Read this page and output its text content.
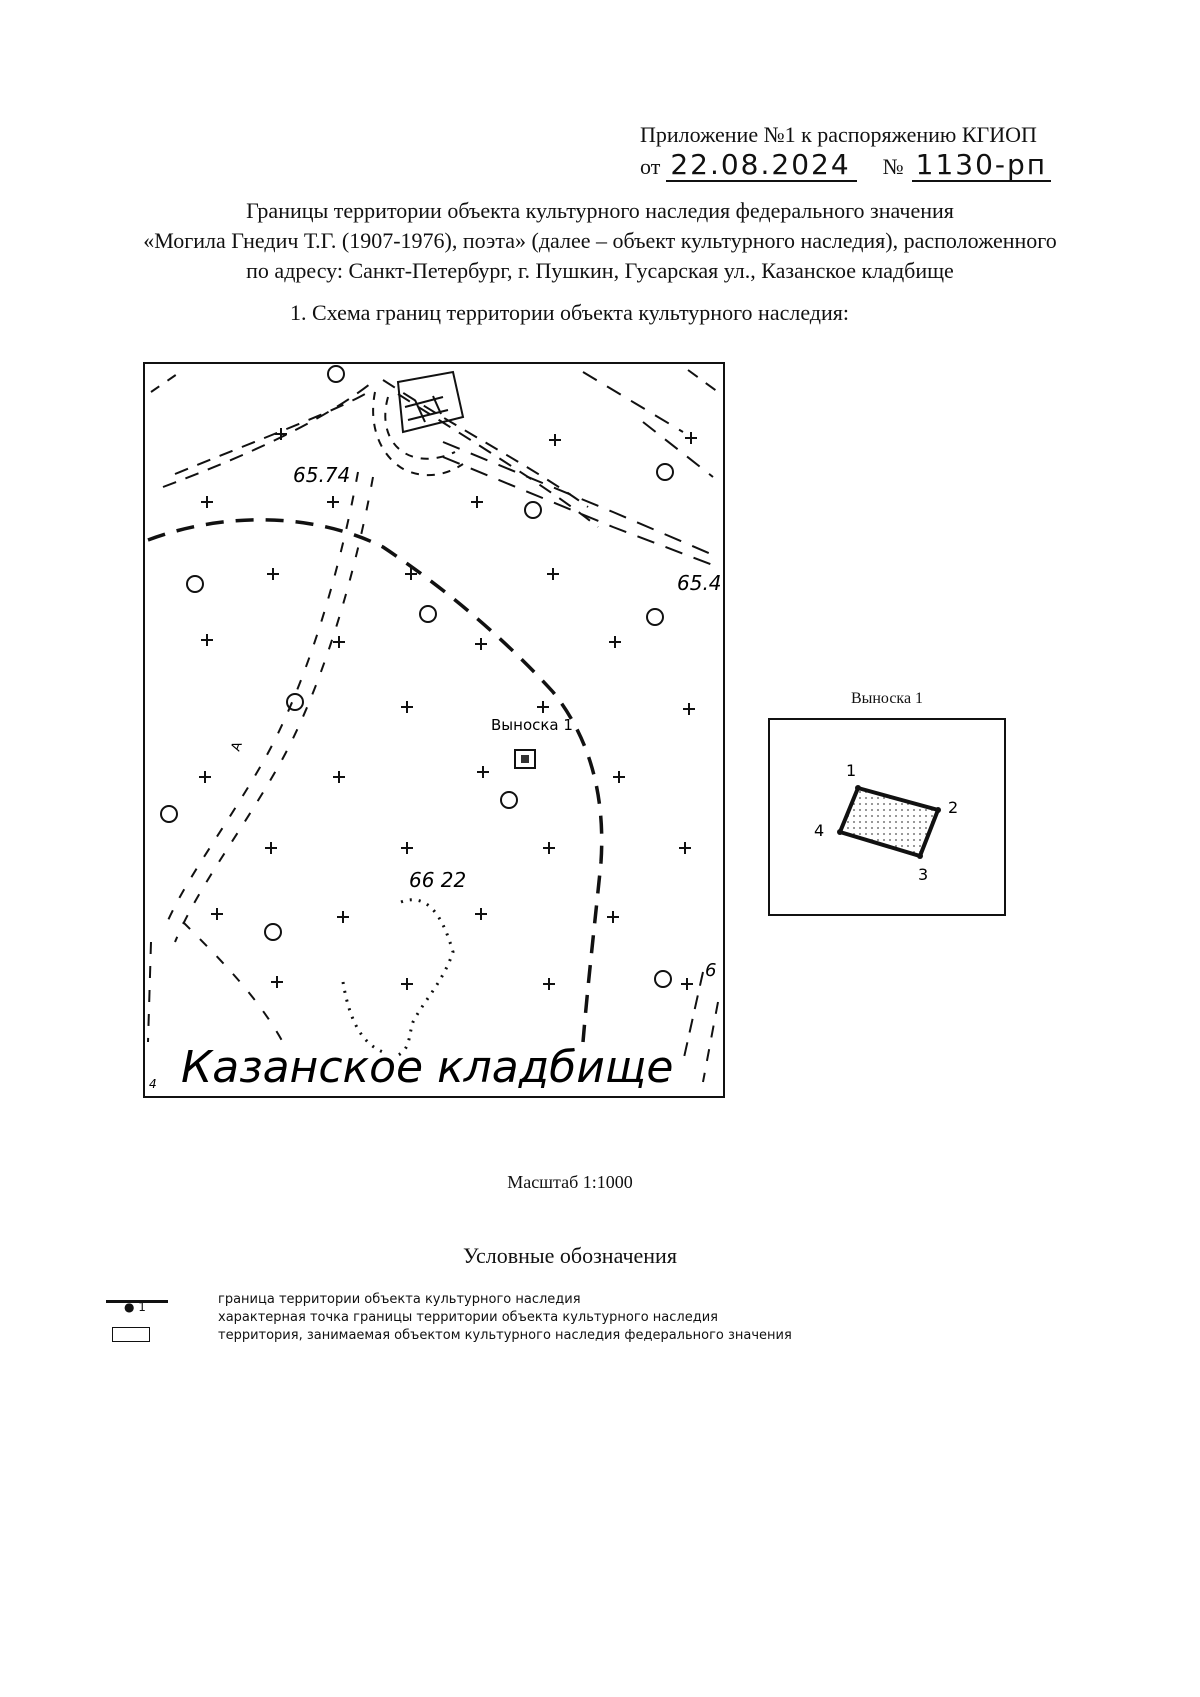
Приложение №1 к распоряжению КГИОП
от 22.08.2024 № 1130-рп
Границы территории объекта культурного наследия федерального значения
«Могила Гнедич Т.Г. (1907-1976), поэта» (далее – объект культурного наследия), расположенного
по адресу: Санкт-Петербург, г. Пушкин, Гусарская ул., Казанское кладбище
1. Схема границ территории объекта культурного наследия:
65.74
65.4
66 22
6
4
A
Выноска 1
Казанское кладбище
Выноска 1
1
2
3
4
Масштаб 1:1000
Условные обозначения
● 1	граница территории объекта культурного наследия
характерная точка границы территории объекта культурного наследия
территория, занимаемая объектом культурного наследия федерального значения
